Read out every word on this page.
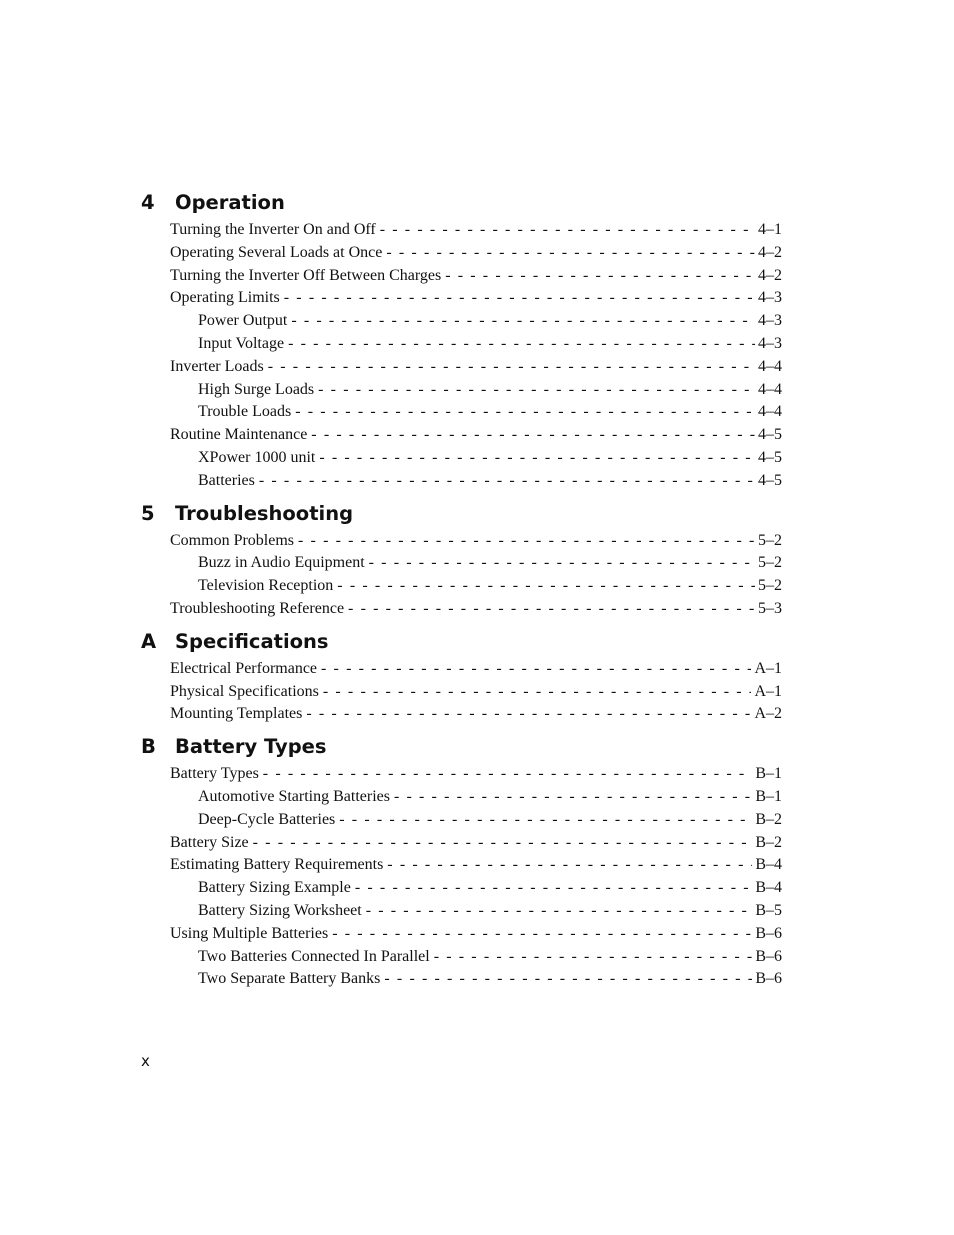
4	Operation
Turning the Inverter On and Off - - -	4–1
Operating Several Loads at Once - - -	4–2
Turning the Inverter Off Between Charges - - -	4–2
Operating Limits - - -	4–3
Power Output - - -	4–3
Input Voltage - - -	4–3
Inverter Loads - - -	4–4
High Surge Loads - - -	4–4
Trouble Loads - - -	4–4
Routine Maintenance - - -	4–5
XPower 1000 unit - - -	4–5
Batteries - - -	4–5
5	Troubleshooting
Common Problems - - -	5–2
Buzz in Audio Equipment - - -	5–2
Television Reception - - -	5–2
Troubleshooting Reference - - -	5–3
A Specifications
Electrical Performance - - -	A–1
Physical Specifications - - -	A–1
Mounting Templates - - -	A–2
B Battery Types
Battery Types - - -	B–1
Automotive Starting Batteries - - -	B–1
Deep-Cycle Batteries - - -	B–2
Battery Size - - -	B–2
Estimating Battery Requirements - - -	B–4
Battery Sizing Example - - -	B–4
Battery Sizing Worksheet - - -	B–5
Using Multiple Batteries - - -	B–6
Two Batteries Connected In Parallel - - -	B–6
Two Separate Battery Banks - - -	B–6
x
